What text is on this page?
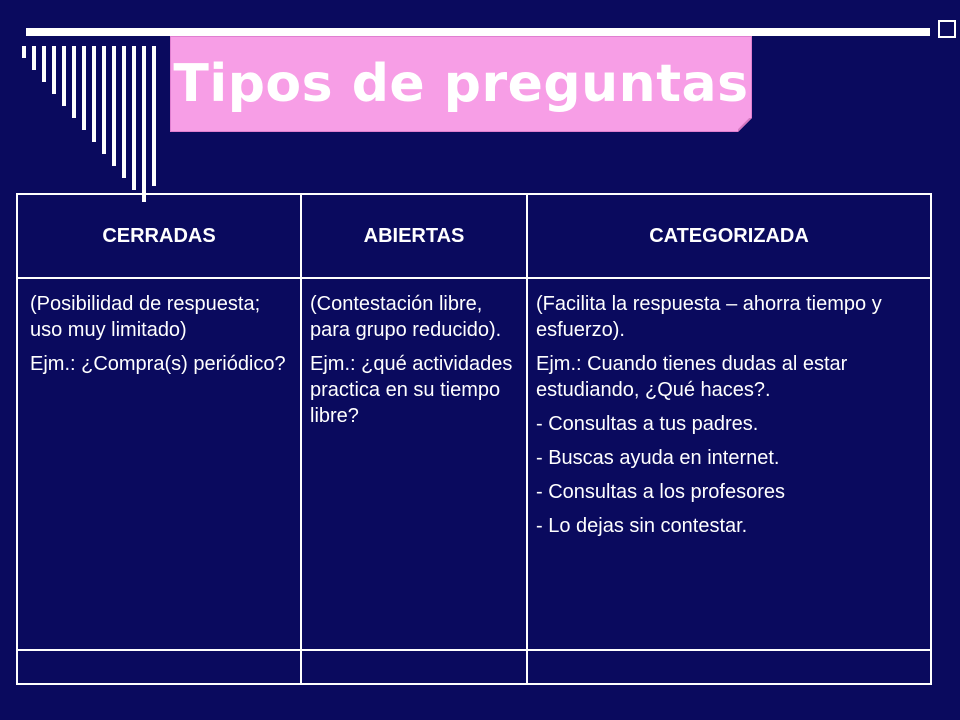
Tipos de preguntas
CERRADAS	ABIERTAS	CATEGORIZADA

(Posibilidad de respuesta; uso muy limitado)

Ejm.: ¿Compra(s) periódico?

(Contestación libre, para grupo reducido).

Ejm.: ¿qué actividades practica en su tiempo libre?

(Facilita la respuesta – ahorra tiempo y esfuerzo).

Ejm.: Cuando tienes dudas al estar estudiando, ¿Qué haces?.

- Consultas a tus padres.
- Buscas ayuda en internet.
- Consultas a los profesores
- Lo dejas sin contestar.
